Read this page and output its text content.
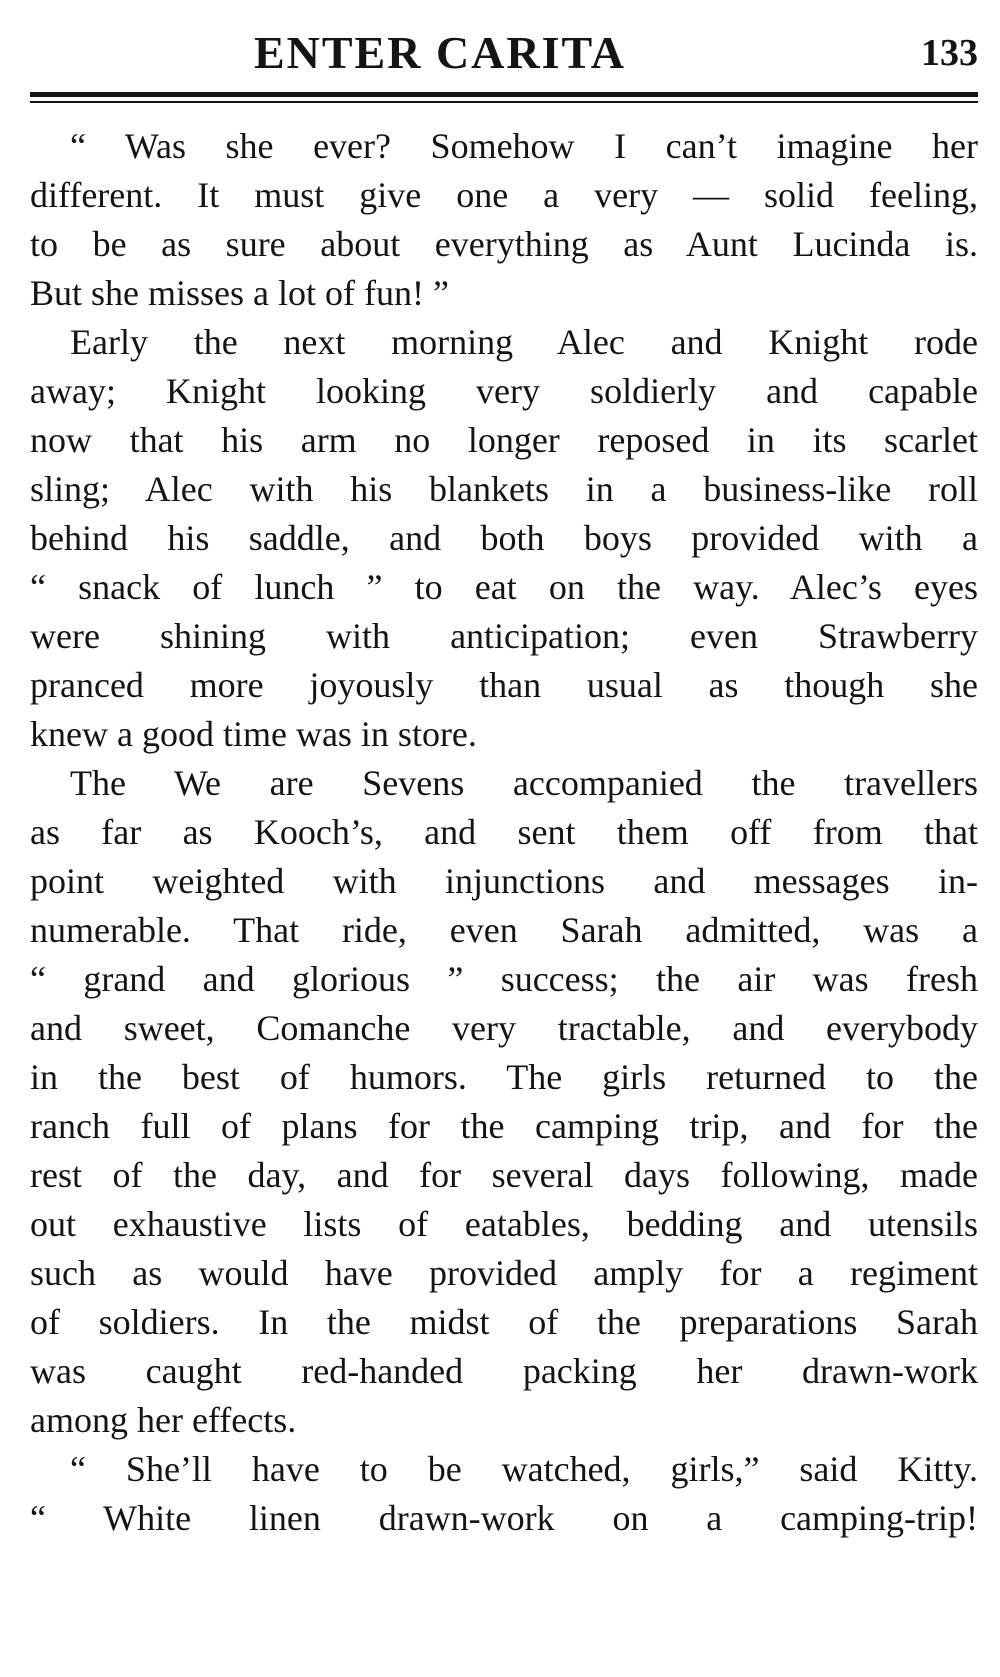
ENTER CARITA	133

“ Was she ever? Somehow I can’t imagine her
different. It must give one a very — solid feeling,
to be as sure about everything as Aunt Lucinda is.
But she misses a lot of fun! ”

Early the next morning Alec and Knight rode
away; Knight looking very soldierly and capable
now that his arm no longer reposed in its scarlet
sling; Alec with his blankets in a business-like roll
behind his saddle, and both boys provided with a
“ snack of lunch ” to eat on the way. Alec’s eyes
were shining with anticipation; even Strawberry
pranced more joyously than usual as though she
knew a good time was in store.

The We are Sevens accompanied the travellers
as far as Kooch’s, and sent them off from that
point weighted with injunctions and messages in-
numerable. That ride, even Sarah admitted, was a
“ grand and glorious ” success; the air was fresh
and sweet, Comanche very tractable, and everybody
in the best of humors. The girls returned to the
ranch full of plans for the camping trip, and for the
rest of the day, and for several days following, made
out exhaustive lists of eatables, bedding and utensils
such as would have provided amply for a regiment
of soldiers. In the midst of the preparations Sarah
was caught red-handed packing her drawn-work
among her effects.

“ She’ll have to be watched, girls,” said Kitty.
“ White linen drawn-work on a camping-trip!
